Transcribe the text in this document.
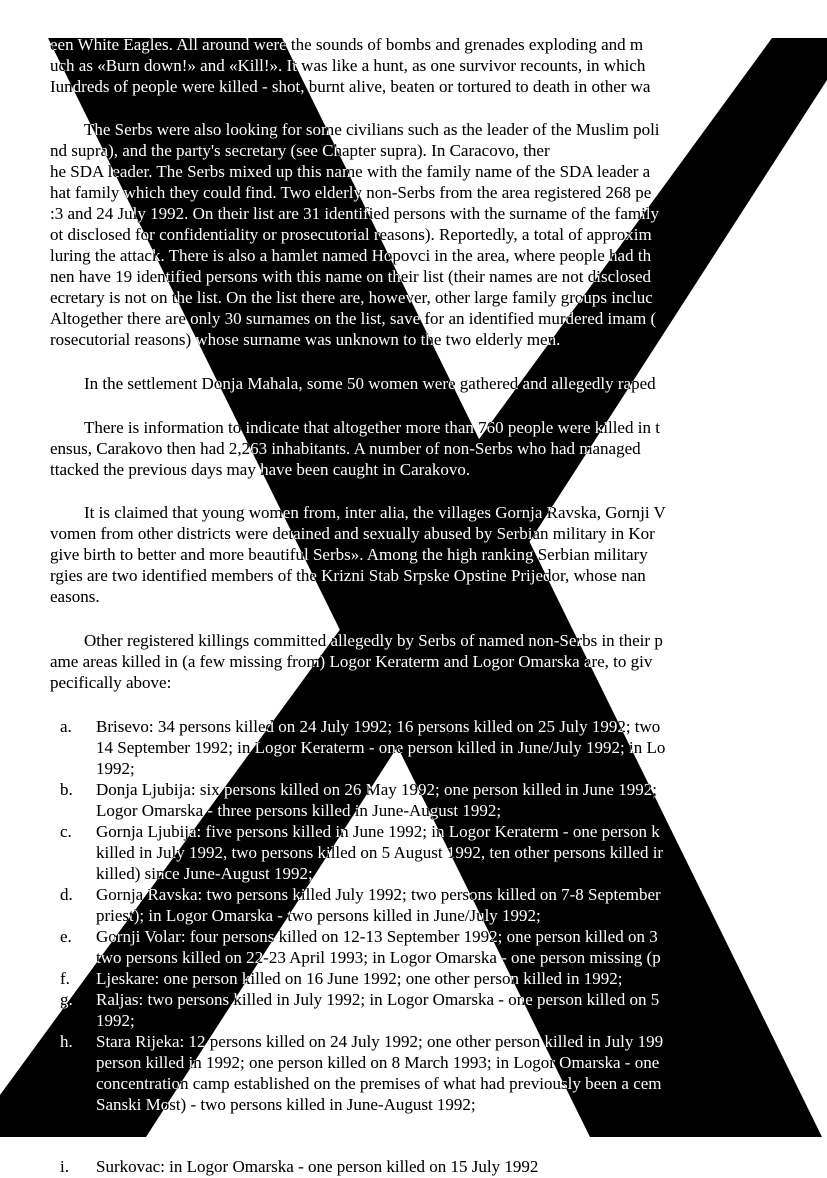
een White Eagles. All around were the sounds of bombs and grenades exploding and m
uch as «Burn down!» and «Kill!». It was like a hunt, as one survivor recounts, in which
Iundreds of people were killed - shot, burnt alive, beaten or tortured to death in other wa
The Serbs were also looking for some civilians such as the leader of the Muslim poli
nd supra), and the party's secretary (see Chapter supra). In Caracovo, ther
he SDA leader. The Serbs mixed up this name with the family name of the SDA leader a
hat family which they could find. Two elderly non-Serbs from the area registered 268 pe
:3 and 24 July 1992. On their list are 31 identified persons with the surname of the family
ot disclosed for confidentiality or prosecutorial reasons). Reportedly, a total of approxim
luring the attack. There is also a hamlet named Hopovci in the area, where people had th
nen have 19 identified persons with this name on their list (their names are not disclosed
ecretary is not on the list. On the list there are, however, other large family groups incluc
Altogether there are only 30 surnames on the list, save for an identified murdered imam (
rosecutorial reasons) whose surname was unknown to the two elderly men.
In the settlement Donja Mahala, some 50 women were gathered and allegedly raped
There is information to indicate that altogether more than 760 people were killed in t
ensus, Carakovo then had 2,263 inhabitants. A number of non-Serbs who had managed
ttacked the previous days may have been caught in Carakovo.
It is claimed that young women from, inter alia, the villages Gornja Ravska, Gornji V
vomen from other districts were detained and sexually abused by Serbian military in Kor
give birth to better and more beautiful Serbs». Among the high ranking Serbian military
rgies are two identified members of the Krizni Stab Srpske Opstine Prijedor, whose nan
easons.
Other registered killings committed allegedly by Serbs of named non-Serbs in their p
ame areas killed in (a few missing from) Logor Keraterm and Logor Omarska are, to giv
pecifically above:
a. Brisevo: 34 persons killed on 24 July 1992; 16 persons killed on 25 July 1992; two
14 September 1992; in Logor Keraterm - one person killed in June/July 1992; in Lo
1992;
b. Donja Ljubija: six persons killed on 26 May 1992; one person killed in June 1992;
Logor Omarska - three persons killed in June-August 1992;
c. Gornja Ljubija: five persons killed in June 1992; in Logor Keraterm - one person k
killed in July 1992, two persons killed on 5 August 1992, ten other persons killed ir
killed) since June-August 1992;
d. Gornja Ravska: two persons killed July 1992; two persons killed on 7-8 September
priest); in Logor Omarska - two persons killed in June/July 1992;
e. Gornji Volar: four persons killed on 12-13 September 1992; one person killed on 3
two persons killed on 22-23 April 1993; in Logor Omarska - one person missing (p
f. Ljeskare: one person killed on 16 June 1992; one other person killed in 1992;
g. Raljas: two persons killed in July 1992; in Logor Omarska - one person killed on 5
1992;
h. Stara Rijeka: 12 persons killed on 24 July 1992; one other person killed in July 199
person killed in 1992; one person killed on 8 March 1993; in Logor Omarska - one
concentration camp established on the premises of what had previously been a cem
Sanski Most) - two persons killed in June-August 1992;
i. Surkovac: in Logor Omarska - one person killed on 15 July 1992
